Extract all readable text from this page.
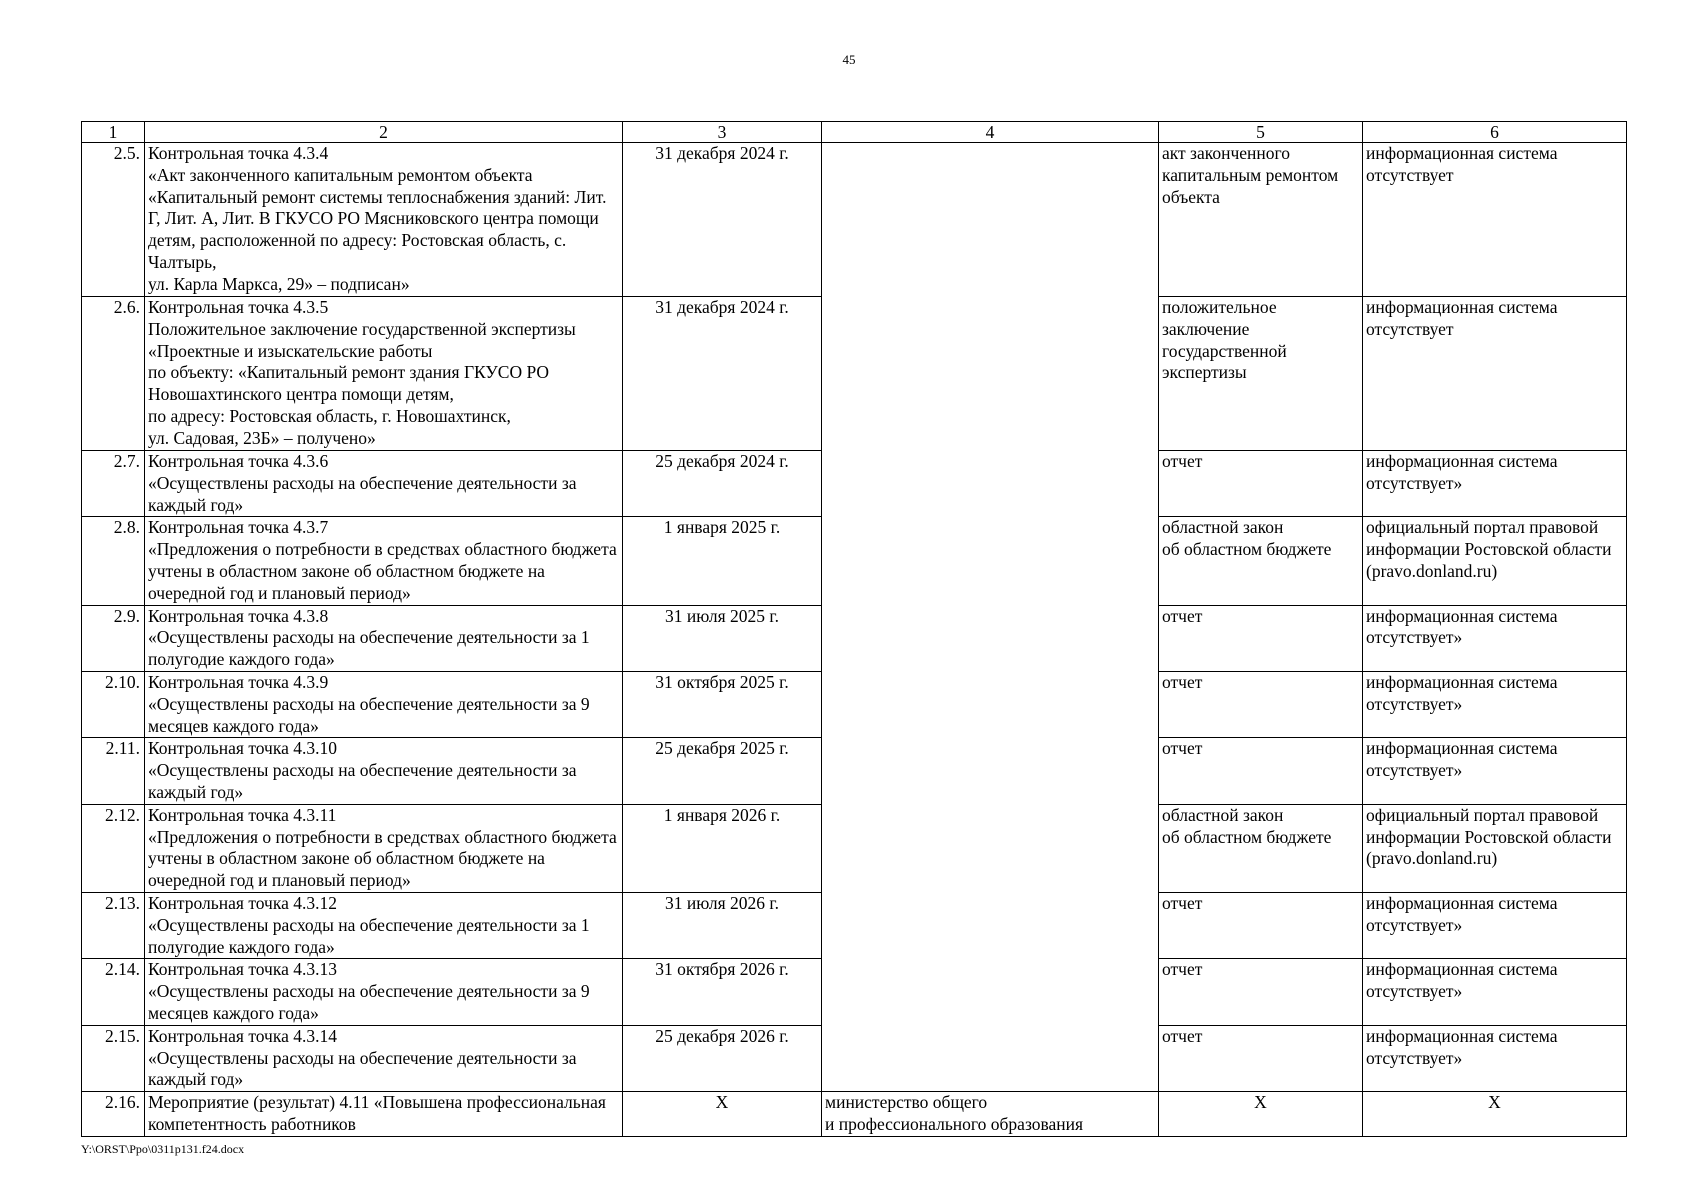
45
1	2	3	4	5	6
2.5.	Контрольная точка 4.3.4
«Акт законченного капитальным ремонтом объекта «Капитальный ремонт системы теплоснабжения зданий: Лит. Г, Лит. А, Лит. В ГКУСО РО Мясниковского центра помощи детям, расположенной по адресу: Ростовская область, с. Чалтырь,
ул. Карла Маркса, 29» – подписан»	31 декабря 2024 г.		акт законченного капитальным ремонтом объекта	информационная система отсутствует
2.6.	Контрольная точка 4.3.5
Положительное заключение государственной экспертизы «Проектные и изыскательские работы
по объекту: «Капитальный ремонт здания ГКУСО РО Новошахтинского центра помощи детям,
по адресу: Ростовская область, г. Новошахтинск,
ул. Садовая, 23Б» – получено»	31 декабря 2024 г.		положительное заключение государственной экспертизы	информационная система отсутствует
2.7.	Контрольная точка 4.3.6
«Осуществлены расходы на обеспечение деятельности за каждый год»	25 декабря 2024 г.		отчет	информационная система отсутствует»
2.8.	Контрольная точка 4.3.7
«Предложения о потребности в средствах областного бюджета учтены в областном законе об областном бюджете на очередной год и плановый период»	1 января 2025 г.		областной закон
об областном бюджете	официальный портал правовой информации Ростовской области (pravo.donland.ru)
2.9.	Контрольная точка 4.3.8
«Осуществлены расходы на обеспечение деятельности за 1 полугодие каждого года»	31 июля 2025 г.		отчет	информационная система отсутствует»
2.10.	Контрольная точка 4.3.9
«Осуществлены расходы на обеспечение деятельности за 9 месяцев каждого года»	31 октября 2025 г.		отчет	информационная система отсутствует»
2.11.	Контрольная точка 4.3.10
«Осуществлены расходы на обеспечение деятельности за каждый год»	25 декабря 2025 г.		отчет	информационная система отсутствует»
2.12.	Контрольная точка 4.3.11
«Предложения о потребности в средствах областного бюджета учтены в областном законе об областном бюджете на очередной год и плановый период»	1 января 2026 г.		областной закон
об областном бюджете	официальный портал правовой информации Ростовской области (pravo.donland.ru)
2.13.	Контрольная точка 4.3.12
«Осуществлены расходы на обеспечение деятельности за 1 полугодие каждого года»	31 июля 2026 г.		отчет	информационная система отсутствует»
2.14.	Контрольная точка 4.3.13
«Осуществлены расходы на обеспечение деятельности за 9 месяцев каждого года»	31 октября 2026 г.		отчет	информационная система отсутствует»
2.15.	Контрольная точка 4.3.14
«Осуществлены расходы на обеспечение деятельности за каждый год»	25 декабря 2026 г.		отчет	информационная система отсутствует»
2.16.	Мероприятие (результат) 4.11 «Повышена профессиональная компетентность работников	X	министерство общего
и профессионального образования	X	X
Y:\ORST\Ppo\0311p131.f24.docx
